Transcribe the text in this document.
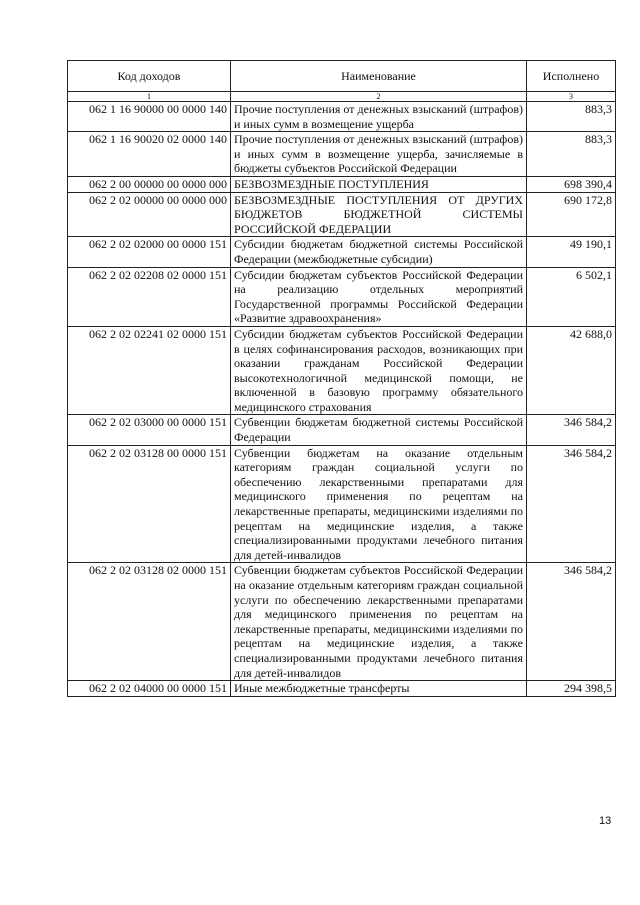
Код доходов	Наименование	Исполнено
1	2	3
062 1 16 90000 00 0000 140	Прочие поступления от денежных взысканий (штрафов) и иных сумм в возмещение ущерба	883,3
062 1 16 90020 02 0000 140	Прочие поступления от денежных взысканий (штрафов) и иных сумм в возмещение ущерба, зачисляемые в бюджеты субъектов Российской Федерации	883,3
062 2 00 00000 00 0000 000	БЕЗВОЗМЕЗДНЫЕ ПОСТУПЛЕНИЯ	698 390,4
062 2 02 00000 00 0000 000	БЕЗВОЗМЕЗДНЫЕ ПОСТУПЛЕНИЯ ОТ ДРУГИХ БЮДЖЕТОВ БЮДЖЕТНОЙ СИСТЕМЫ РОССИЙСКОЙ ФЕДЕРАЦИИ	690 172,8
062 2 02 02000 00 0000 151	Субсидии бюджетам бюджетной системы Российской Федерации (межбюджетные субсидии)	49 190,1
062 2 02 02208 02 0000 151	Субсидии бюджетам субъектов Российской Федерации на реализацию отдельных мероприятий Государственной программы Российской Федерации «Развитие здравоохранения»	6 502,1
062 2 02 02241 02 0000 151	Субсидии бюджетам субъектов Российской Федерации в целях софинансирования расходов, возникающих при оказании гражданам Российской Федерации высокотехнологичной медицинской помощи, не включенной в базовую программу обязательного медицинского страхования	42 688,0
062 2 02 03000 00 0000 151	Субвенции бюджетам бюджетной системы Российской Федерации	346 584,2
062 2 02 03128 00 0000 151	Субвенции бюджетам на оказание отдельным категориям граждан социальной услуги по обеспечению лекарственными препаратами для медицинского применения по рецептам на лекарственные препараты, медицинскими изделиями по рецептам на медицинские изделия, а также специализированными продуктами лечебного питания для детей-инвалидов	346 584,2
062 2 02 03128 02 0000 151	Субвенции бюджетам субъектов Российской Федерации на оказание отдельным категориям граждан социальной услуги по обеспечению лекарственными препаратами для медицинского применения по рецептам на лекарственные препараты, медицинскими изделиями по рецептам на медицинские изделия, а также специализированными продуктами лечебного питания для детей-инвалидов	346 584,2
062 2 02 04000 00 0000 151	Иные межбюджетные трансферты	294 398,5
13
